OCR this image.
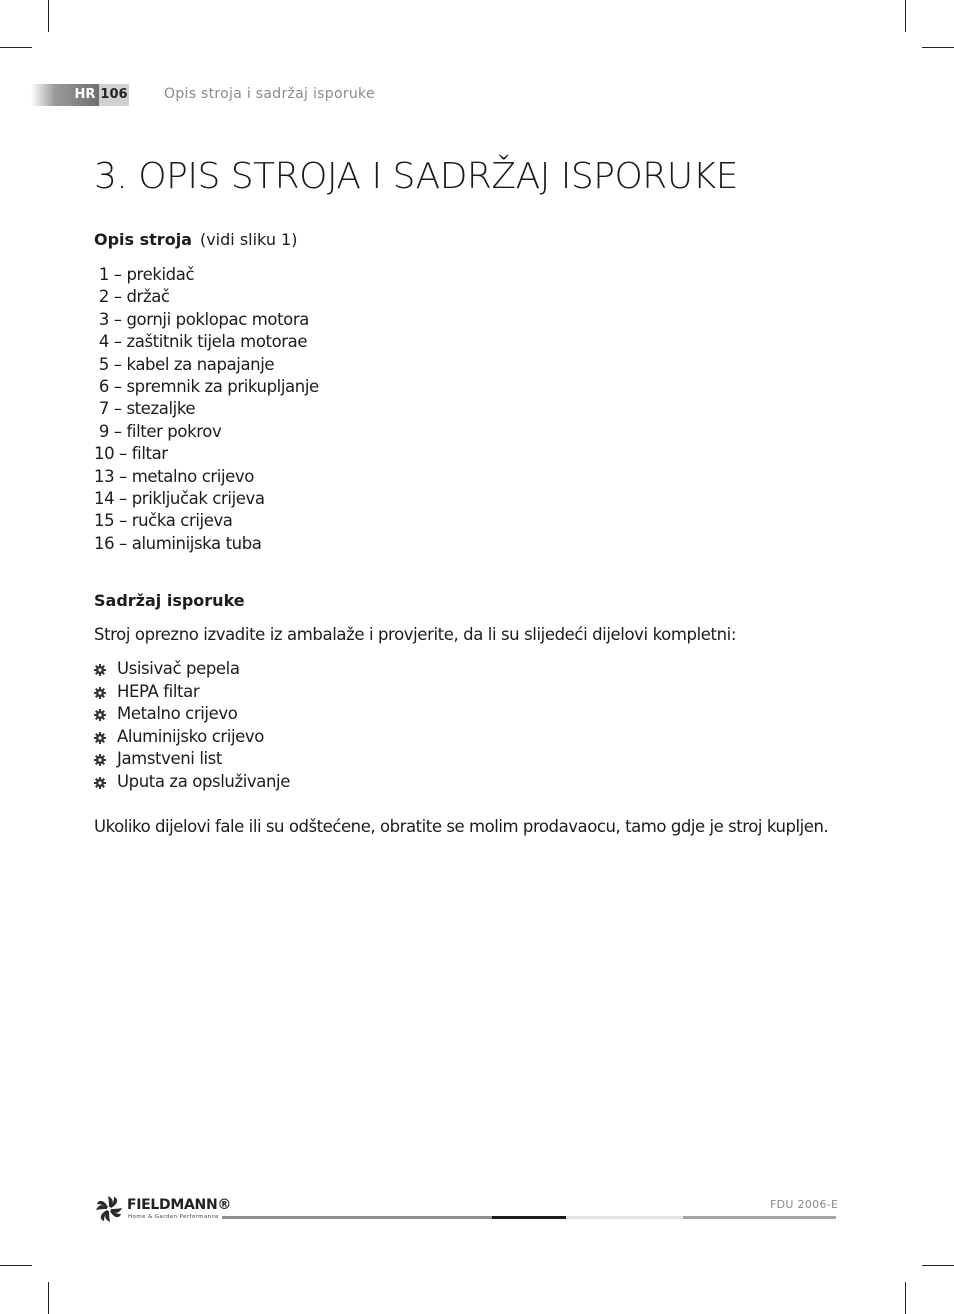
HR 106	Opis stroja i sadržaj isporuke
3. OPIS STROJA I SADRŽAJ ISPORUKE
Opis stroja (vidi sliku 1)
1 – prekidač
2 – držač
3 – gornji poklopac motora
4 – zaštitnik tijela motorae
5 – kabel za napajanje
6 – spremnik za prikupljanje
7 – stezaljke
9 – filter pokrov
10 – filtar
13 – metalno crijevo
14 – priključak crijeva
15 – ručka crijeva
16 – aluminijska tuba
Sadržaj isporuke
Stroj oprezno izvadite iz ambalaže i provjerite, da li su slijedeći dijelovi kompletni:
Usisivač pepela
HEPA filtar
Metalno crijevo
Aluminijsko crijevo
Jamstveni list
Uputa za opsluživanje
Ukoliko dijelovi fale ili su odštećene, obratite se molim prodavaocu, tamo gdje je stroj kupljen.
FIELDMANN®
Home & Garden Performance
FDU 2006-E
